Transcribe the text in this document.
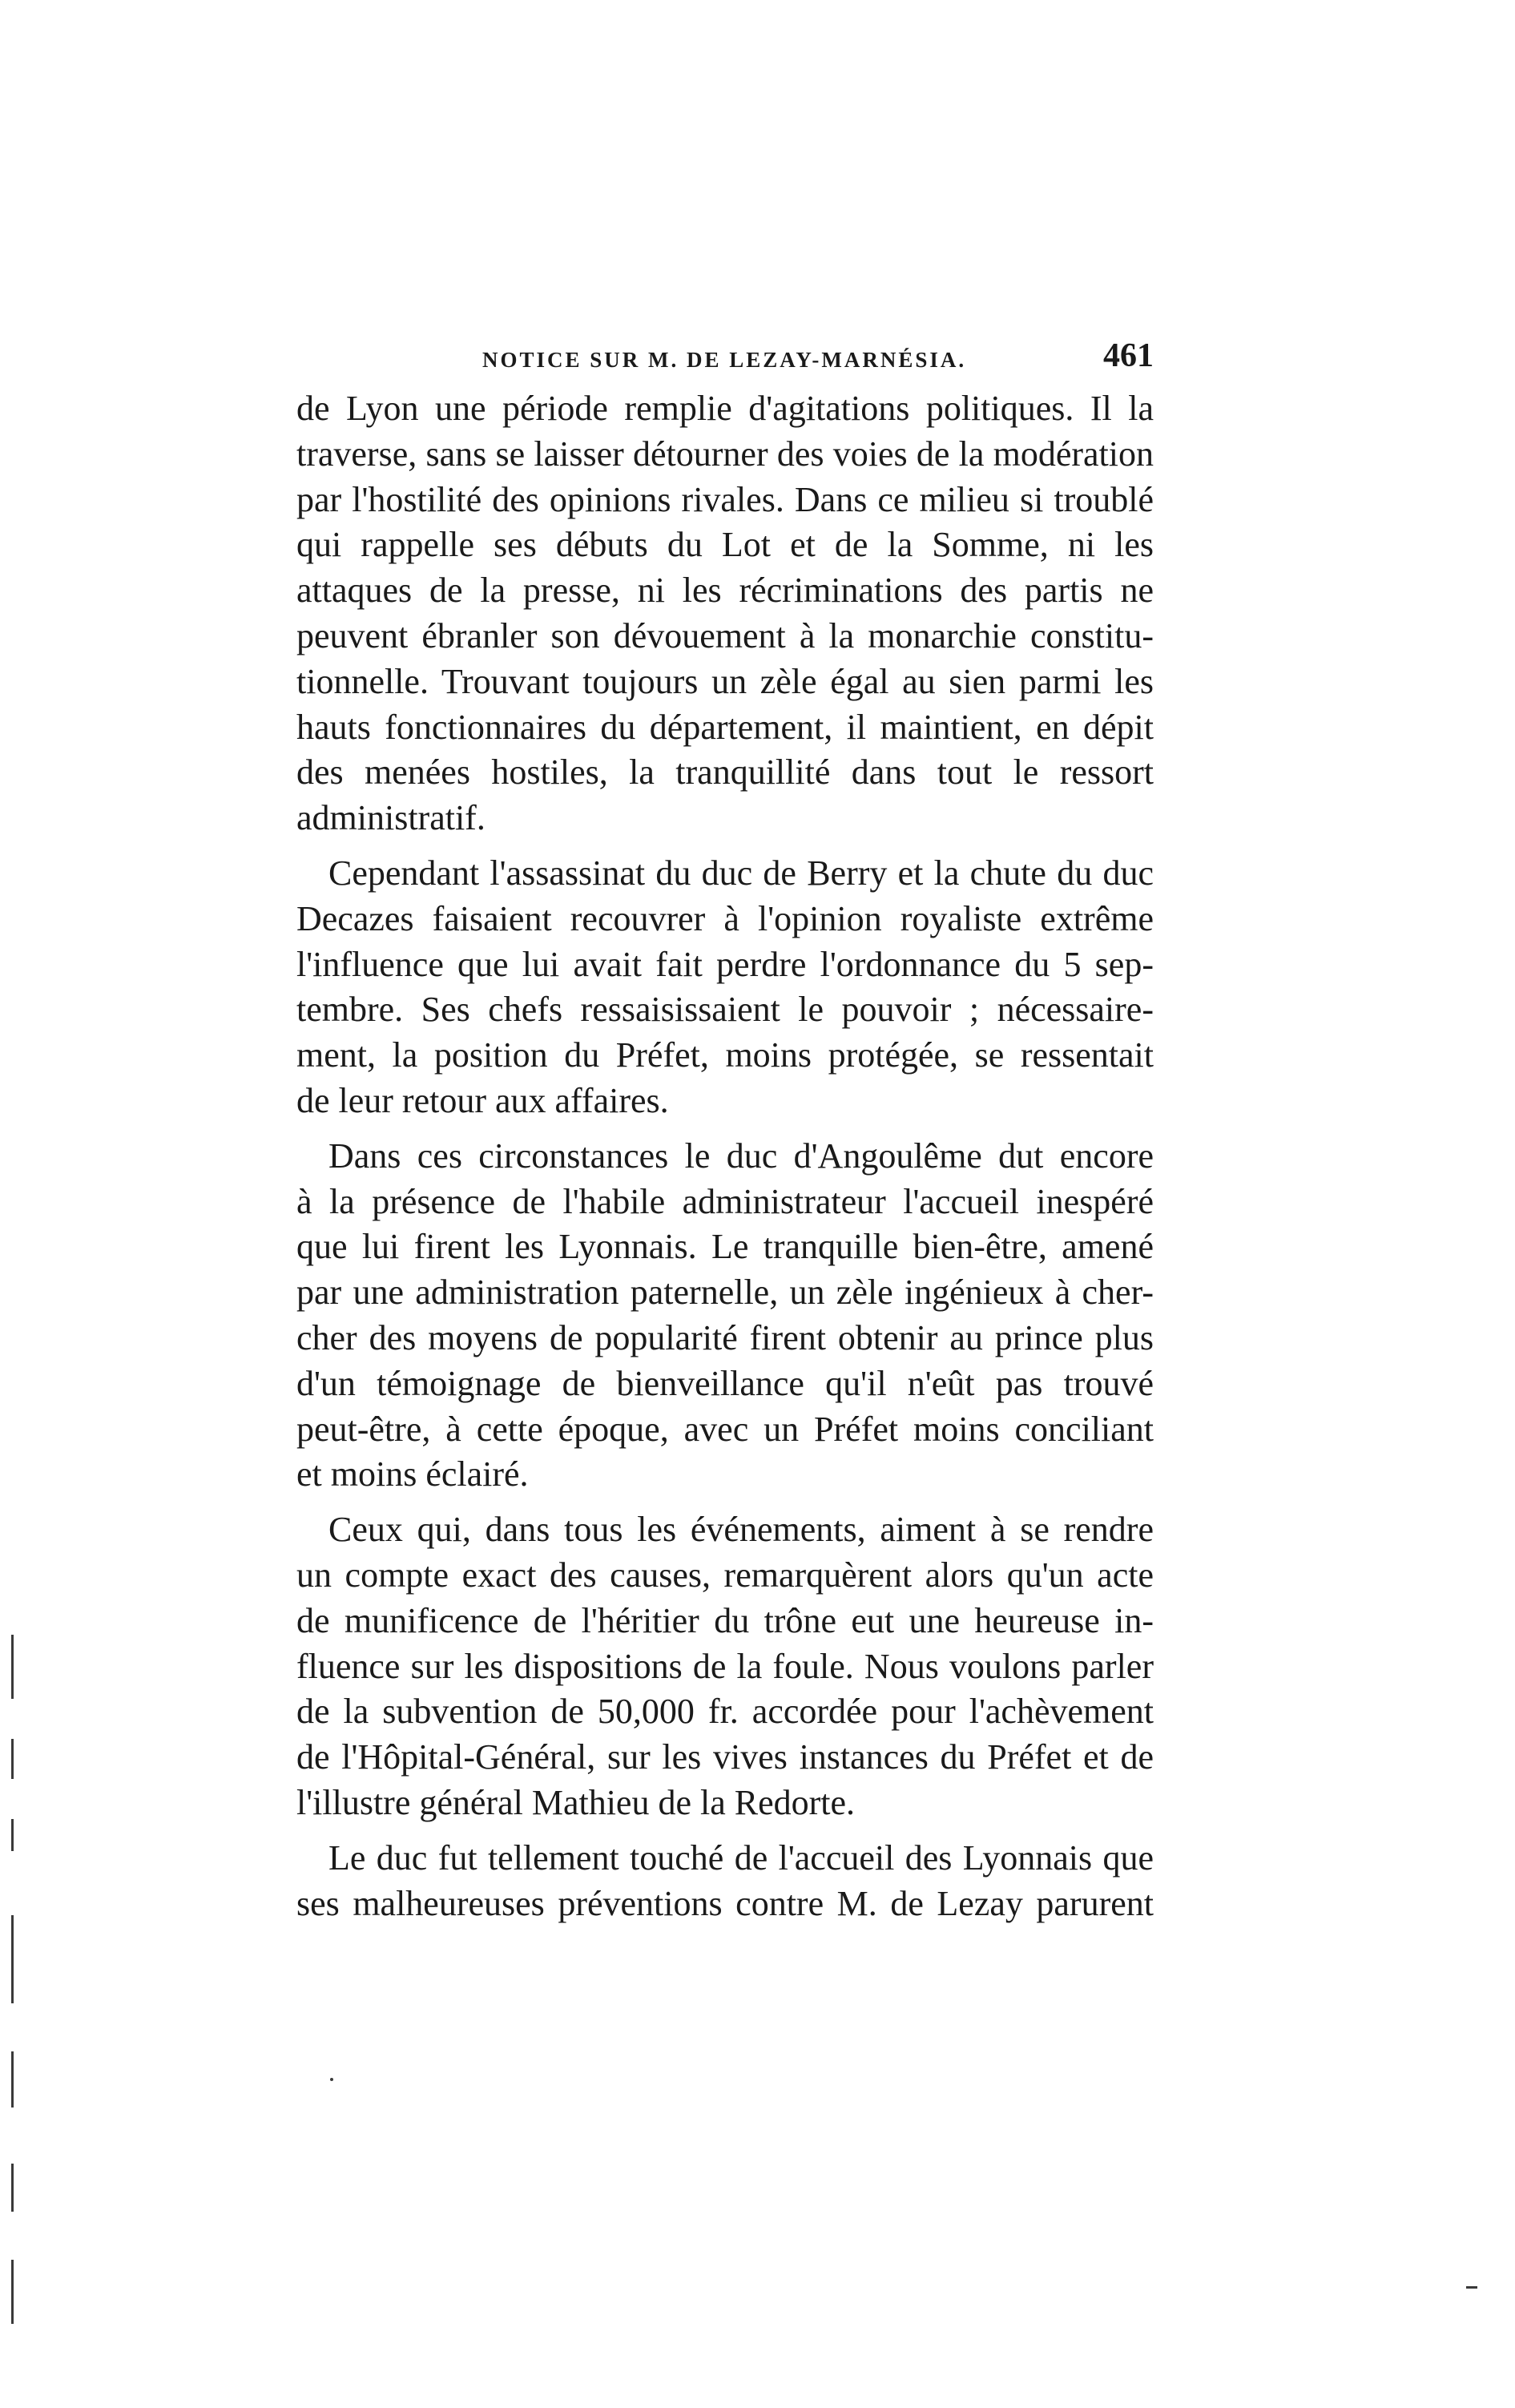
NOTICE SUR M. DE LEZAY-MARNÉSIA.	461

de Lyon une période remplie d'agitations politiques. Il la

traverse, sans se laisser détourner des voies de la modération

par l'hostilité des opinions rivales. Dans ce milieu si troublé

qui rappelle ses débuts du Lot et de la Somme, ni les

attaques de la presse, ni les récriminations des partis ne

peuvent ébranler son dévouement à la monarchie constitu-

tionnelle. Trouvant toujours un zèle égal au sien parmi les

hauts fonctionnaires du département, il maintient, en dépit

des menées hostiles, la tranquillité dans tout le ressort

administratif.

Cependant l'assassinat du duc de Berry et la chute du duc

Decazes faisaient recouvrer à l'opinion royaliste extrême

l'influence que lui avait fait perdre l'ordonnance du 5 sep-

tembre. Ses chefs ressaisissaient le pouvoir ; nécessaire-

ment, la position du Préfet, moins protégée, se ressentait

de leur retour aux affaires.

Dans ces circonstances le duc d'Angoulême dut encore

à la présence de l'habile administrateur l'accueil inespéré

que lui firent les Lyonnais. Le tranquille bien-être, amené

par une administration paternelle, un zèle ingénieux à cher-

cher des moyens de popularité firent obtenir au prince plus

d'un témoignage de bienveillance qu'il n'eût pas trouvé

peut-être, à cette époque, avec un Préfet moins conciliant

et moins éclairé.

Ceux qui, dans tous les événements, aiment à se rendre

un compte exact des causes, remarquèrent alors qu'un acte

de munificence de l'héritier du trône eut une heureuse in-

fluence sur les dispositions de la foule. Nous voulons parler

de la subvention de 50,000 fr. accordée pour l'achèvement

de l'Hôpital-Général, sur les vives instances du Préfet et de

l'illustre général Mathieu de la Redorte.

Le duc fut tellement touché de l'accueil des Lyonnais que

ses malheureuses préventions contre M. de Lezay parurent
